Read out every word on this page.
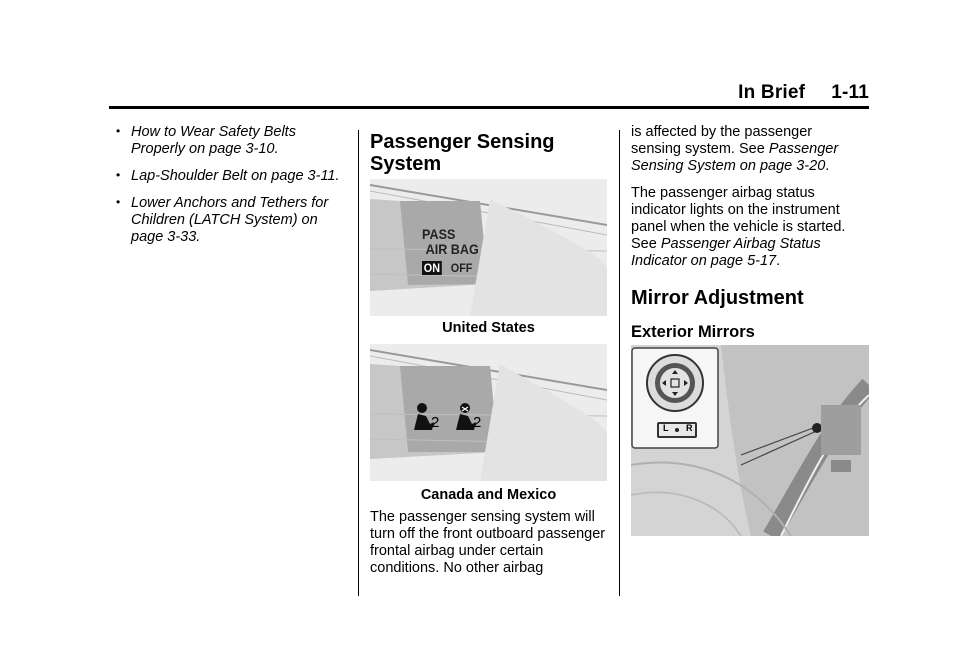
In Brief 1-11
• How to Wear Safety Belts Properly on page 3-10.
• Lap-Shoulder Belt on page 3-11.
• Lower Anchors and Tethers for Children (LATCH System) on page 3-33.
Passenger Sensing System
PASS
AIR BAG
ON OFF
United States
2 2
Canada and Mexico
The passenger sensing system will turn off the front outboard passenger frontal airbag under certain conditions. No other airbag

is affected by the passenger sensing system. See Passenger Sensing System on page 3-20.

The passenger airbag status indicator lights on the instrument panel when the vehicle is started. See Passenger Airbag Status Indicator on page 5-17.

Mirror Adjustment
Exterior Mirrors
L R
